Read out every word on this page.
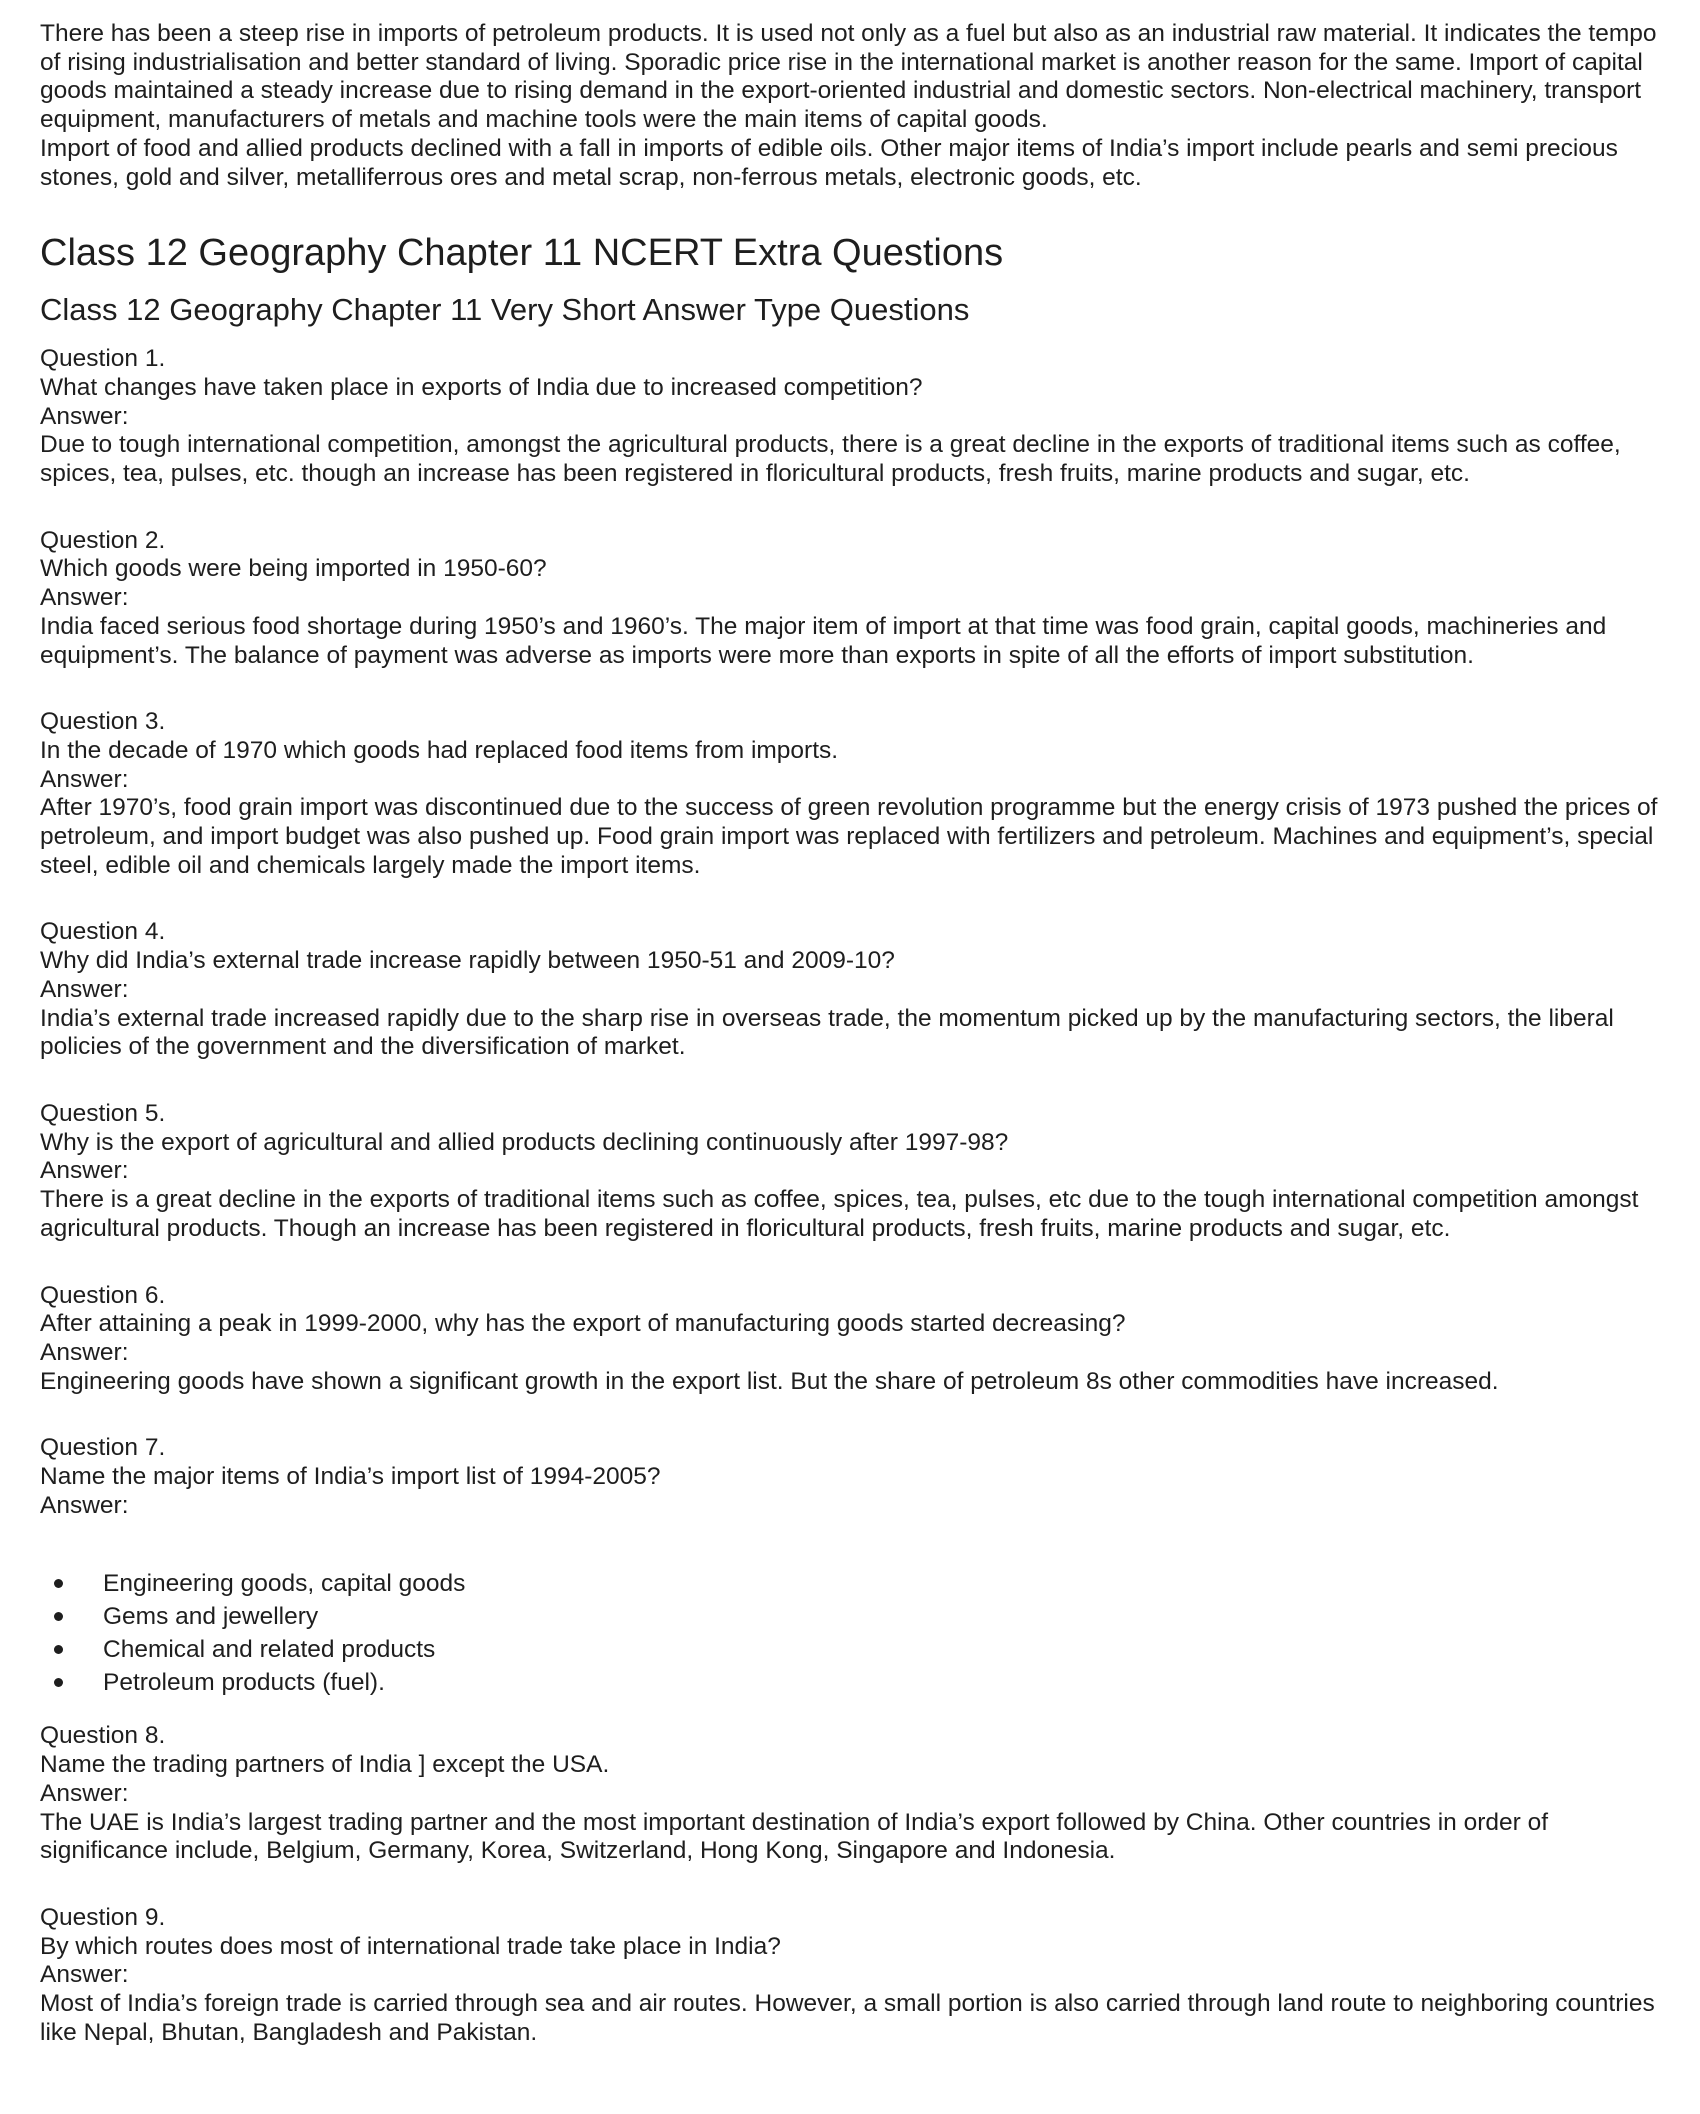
There has been a steep rise in imports of petroleum products. It is used not only as a fuel but also as an industrial raw material. It indicates the tempo of rising industrialisation and better standard of living. Sporadic price rise in the international market is another reason for the same. Import of capital goods maintained a steady increase due to rising demand in the export-oriented industrial and domestic sectors. Non-electrical machinery, transport equipment, manufacturers of metals and machine tools were the main items of capital goods.

Import of food and allied products declined with a fall in imports of edible oils. Other major items of India’s import include pearls and semi precious stones, gold and silver, metalliferrous ores and metal scrap, non-ferrous metals, electronic goods, etc.

Class 12 Geography Chapter 11 NCERT Extra Questions
Class 12 Geography Chapter 11 Very Short Answer Type Questions

Question 1.

What changes have taken place in exports of India due to increased competition?

Answer:

Due to tough international competition, amongst the agricultural products, there is a great decline in the exports of traditional items such as coffee, spices, tea, pulses, etc. though an increase has been registered in floricultural products, fresh fruits, marine products and sugar, etc.

Question 2.

Which goods were being imported in 1950-60?

Answer:

India faced serious food shortage during 1950’s and 1960’s. The major item of import at that time was food grain, capital goods, machineries and equipment’s. The balance of payment was adverse as imports were more than exports in spite of all the efforts of import substitution.

Question 3.

In the decade of 1970 which goods had replaced food items from imports.

Answer:

After 1970’s, food grain import was discontinued due to the success of green revolution programme but the energy crisis of 1973 pushed the prices of petroleum, and import budget was also pushed up. Food grain import was replaced with fertilizers and petroleum. Machines and equipment’s, special steel, edible oil and chemicals largely made the import items.

Question 4.

Why did India’s external trade increase rapidly between 1950-51 and 2009-10?

Answer:

India’s external trade increased rapidly due to the sharp rise in overseas trade, the momentum picked up by the manufacturing sectors, the liberal policies of the government and the diversification of market.

Question 5.

Why is the export of agricultural and allied products declining continuously after 1997-98?

Answer:

There is a great decline in the exports of traditional items such as coffee, spices, tea, pulses, etc due to the tough international competition amongst agricultural products. Though an increase has been registered in floricultural products, fresh fruits, marine products and sugar, etc.

Question 6.

After attaining a peak in 1999-2000, why has the export of manufacturing goods started decreasing?

Answer:

Engineering goods have shown a significant growth in the export list. But the share of petroleum 8s other commodities have increased.

Question 7.

Name the major items of India’s import list of 1994-2005?

Answer:

Engineering goods, capital goods
Gems and jewellery
Chemical and related products
Petroleum products (fuel).

Question 8.

Name the trading partners of India ] except the USA.

Answer:

The UAE is India’s largest trading partner and the most important destination of India’s export followed by China. Other countries in order of significance include, Belgium, Germany, Korea, Switzerland, Hong Kong, Singapore and Indonesia.

Question 9.

By which routes does most of international trade take place in India?

Answer:

Most of India’s foreign trade is carried through sea and air routes. However, a small portion is also carried through land route to neighboring countries like Nepal, Bhutan, Bangladesh and Pakistan.
